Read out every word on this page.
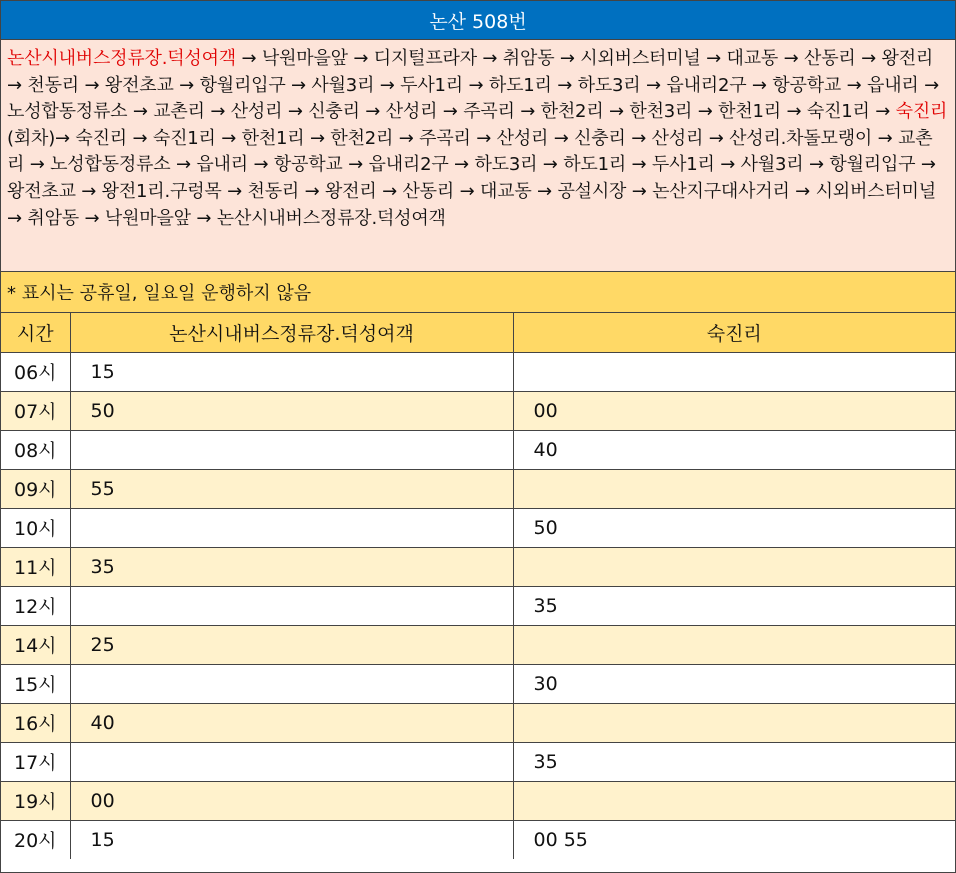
논산 508번
논산시내버스정류장.덕성여객 → 낙원마을앞 → 디지털프라자 → 취암동 → 시외버스터미널 → 대교동 → 산동리 → 왕전리 → 천동리 → 왕전초교 → 항월리입구 → 사월3리 → 두사1리 → 하도1리 → 하도3리 → 읍내리2구 → 항공학교 → 읍내리 → 노성합동정류소 → 교촌리 → 산성리 → 신충리 → 산성리 → 주곡리 → 한천2리 → 한천3리 → 한천1리 → 숙진1리 → 숙진리(회차)→ 숙진리 → 숙진1리 → 한천1리 → 한천2리 → 주곡리 → 산성리 → 신충리 → 산성리 → 산성리.차돌모랭이 → 교촌리 → 노성합동정류소 → 읍내리 → 항공학교 → 읍내리2구 → 하도3리 → 하도1리 → 두사1리 → 사월3리 → 항월리입구 → 왕전초교 → 왕전1리.구렁목 → 천동리 → 왕전리 → 산동리 → 대교동 → 공설시장 → 논산지구대사거리 → 시외버스터미널 → 취암동 → 낙원마을앞 → 논산시내버스정류장.덕성여객
* 표시는 공휴일, 일요일 운행하지 않음
시간	논산시내버스정류장.덕성여객	숙진리
06시	15	
07시	50	00
08시		40
09시	55	
10시		50
11시	35	
12시		35
14시	25	
15시		30
16시	40	
17시		35
19시	00	
20시	15	00 55
